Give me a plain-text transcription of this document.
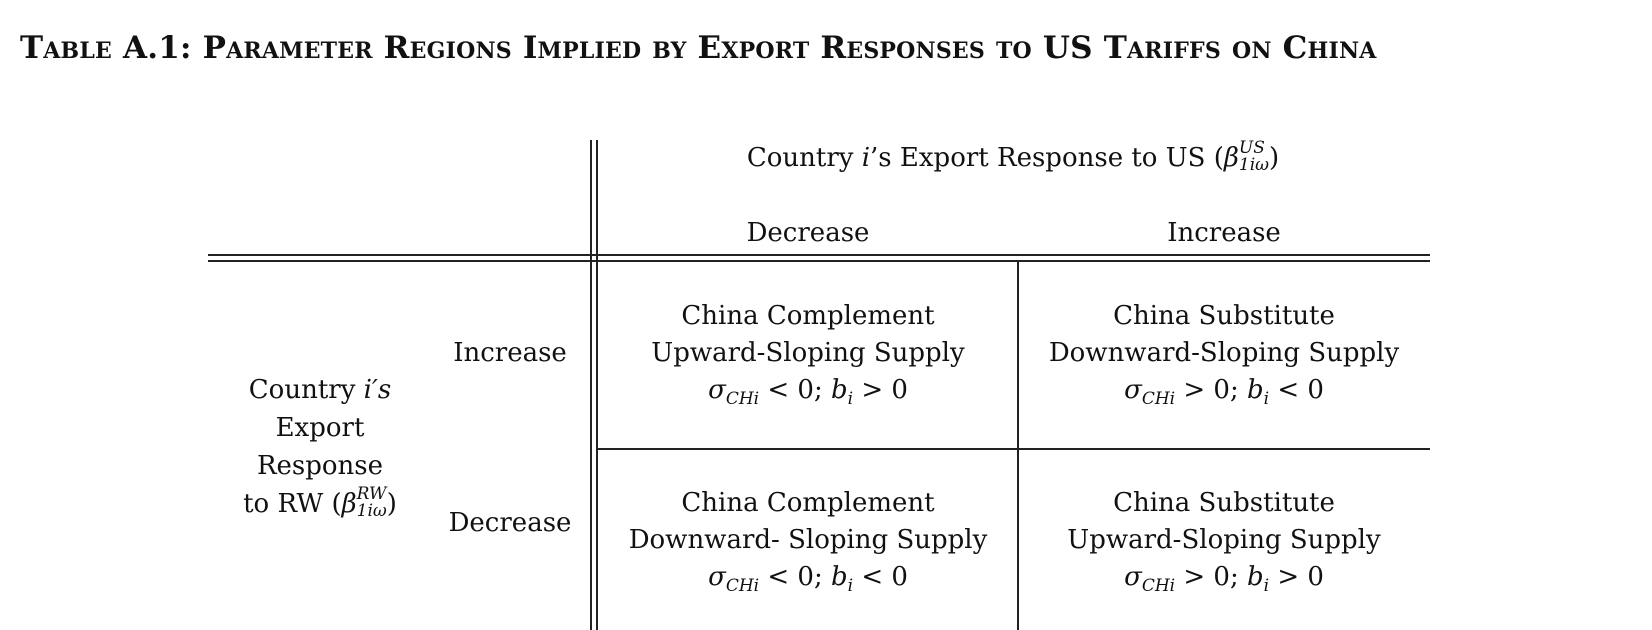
Table A.1: Parameter Regions Implied by Export Responses to US Tariffs on China
Country i’s Export Response to US (β US
1iω )
Decrease	Increase
Country i′s
Export
Response
to RW (β RW
1iω )
Increase
Decrease
China Complement
Upward-Sloping Supply
$\sigma_{CHi} < 0$; $b_i > 0$
China Substitute
Downward-Sloping Supply
$\sigma_{CHi} > 0$; $b_i < 0$
China Complement
Downward- Sloping Supply
$\sigma_{CHi} < 0$; $b_i < 0$
China Substitute
Upward-Sloping Supply
$\sigma_{CHi} > 0$; $b_i > 0$
